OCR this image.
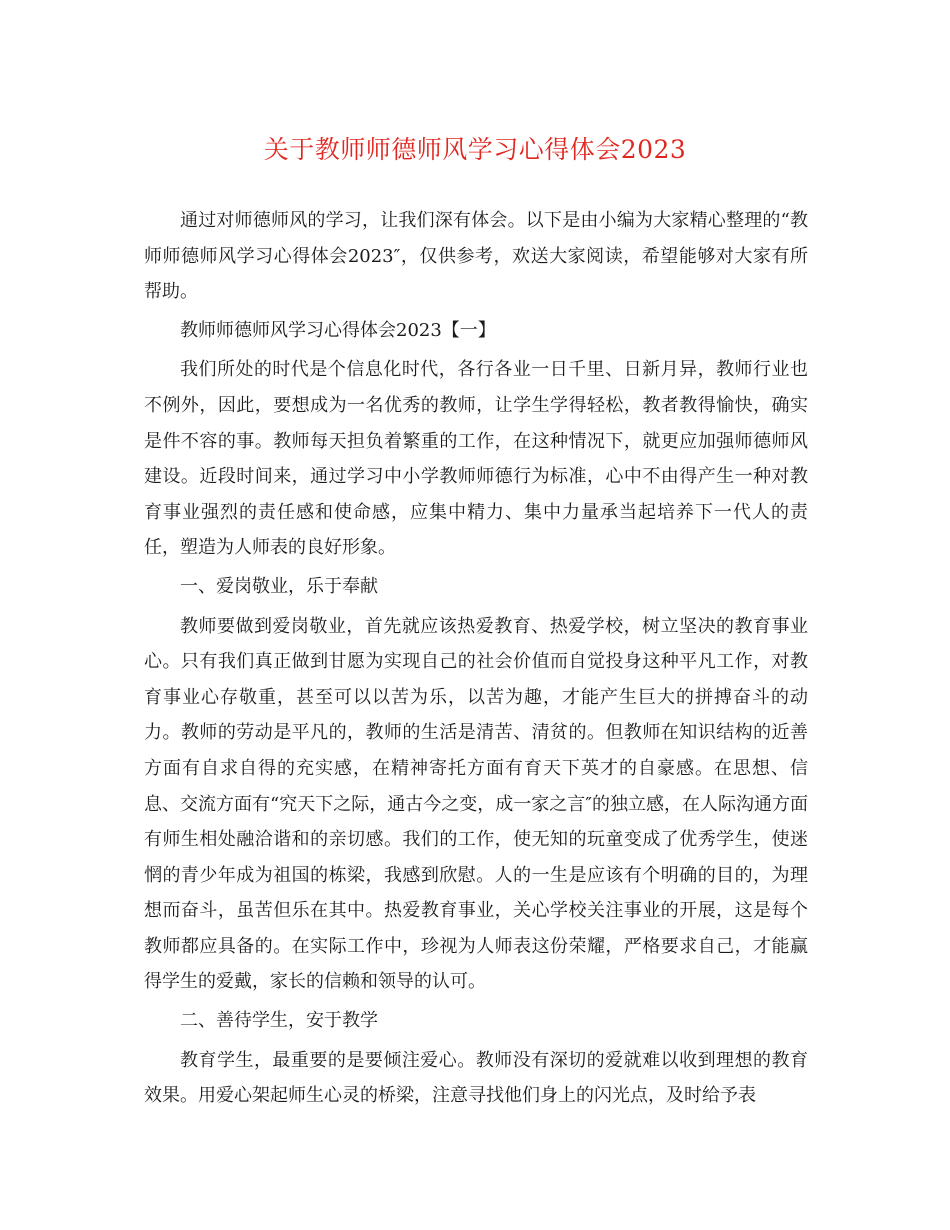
关于教师师德师风学习心得体会2023

通过对师德师风的学习，让我们深有体会。以下是由小编为大家精心整理的“教师师德师风学习心得体会2023″，仅供参考，欢送大家阅读，希望能够对大家有所帮助。

教师师德师风学习心得体会2023【一】

我们所处的时代是个信息化时代，各行各业一日千里、日新月异，教师行业也不例外，因此，要想成为一名优秀的教师，让学生学得轻松，教者教得愉快，确实是件不容的事。教师每天担负着繁重的工作，在这种情况下，就更应加强师德师风建设。近段时间来，通过学习中小学教师师德行为标准，心中不由得产生一种对教育事业强烈的责任感和使命感，应集中精力、集中力量承当起培养下一代人的责任，塑造为人师表的良好形象。

一、爱岗敬业，乐于奉献

教师要做到爱岗敬业，首先就应该热爱教育、热爱学校，树立坚决的教育事业心。只有我们真正做到甘愿为实现自己的社会价值而自觉投身这种平凡工作，对教育事业心存敬重，甚至可以以苦为乐，以苦为趣，才能产生巨大的拼搏奋斗的动力。教师的劳动是平凡的，教师的生活是清苦、清贫的。但教师在知识结构的近善方面有自求自得的充实感，在精神寄托方面有育天下英才的自豪感。在思想、信息、交流方面有“究天下之际，通古今之变，成一家之言″的独立感，在人际沟通方面有师生相处融洽谐和的亲切感。我们的工作，使无知的玩童变成了优秀学生，使迷惘的青少年成为祖国的栋梁，我感到欣慰。人的一生是应该有个明确的目的，为理想而奋斗，虽苦但乐在其中。热爱教育事业，关心学校关注事业的开展，这是每个教师都应具备的。在实际工作中，珍视为人师表这份荣耀，严格要求自己，才能赢得学生的爱戴，家长的信赖和领导的认可。

二、善待学生，安于教学

教育学生，最重要的是要倾注爱心。教师没有深切的爱就难以收到理想的教育效果。用爱心架起师生心灵的桥梁，注意寻找他们身上的闪光点，及时给予表
